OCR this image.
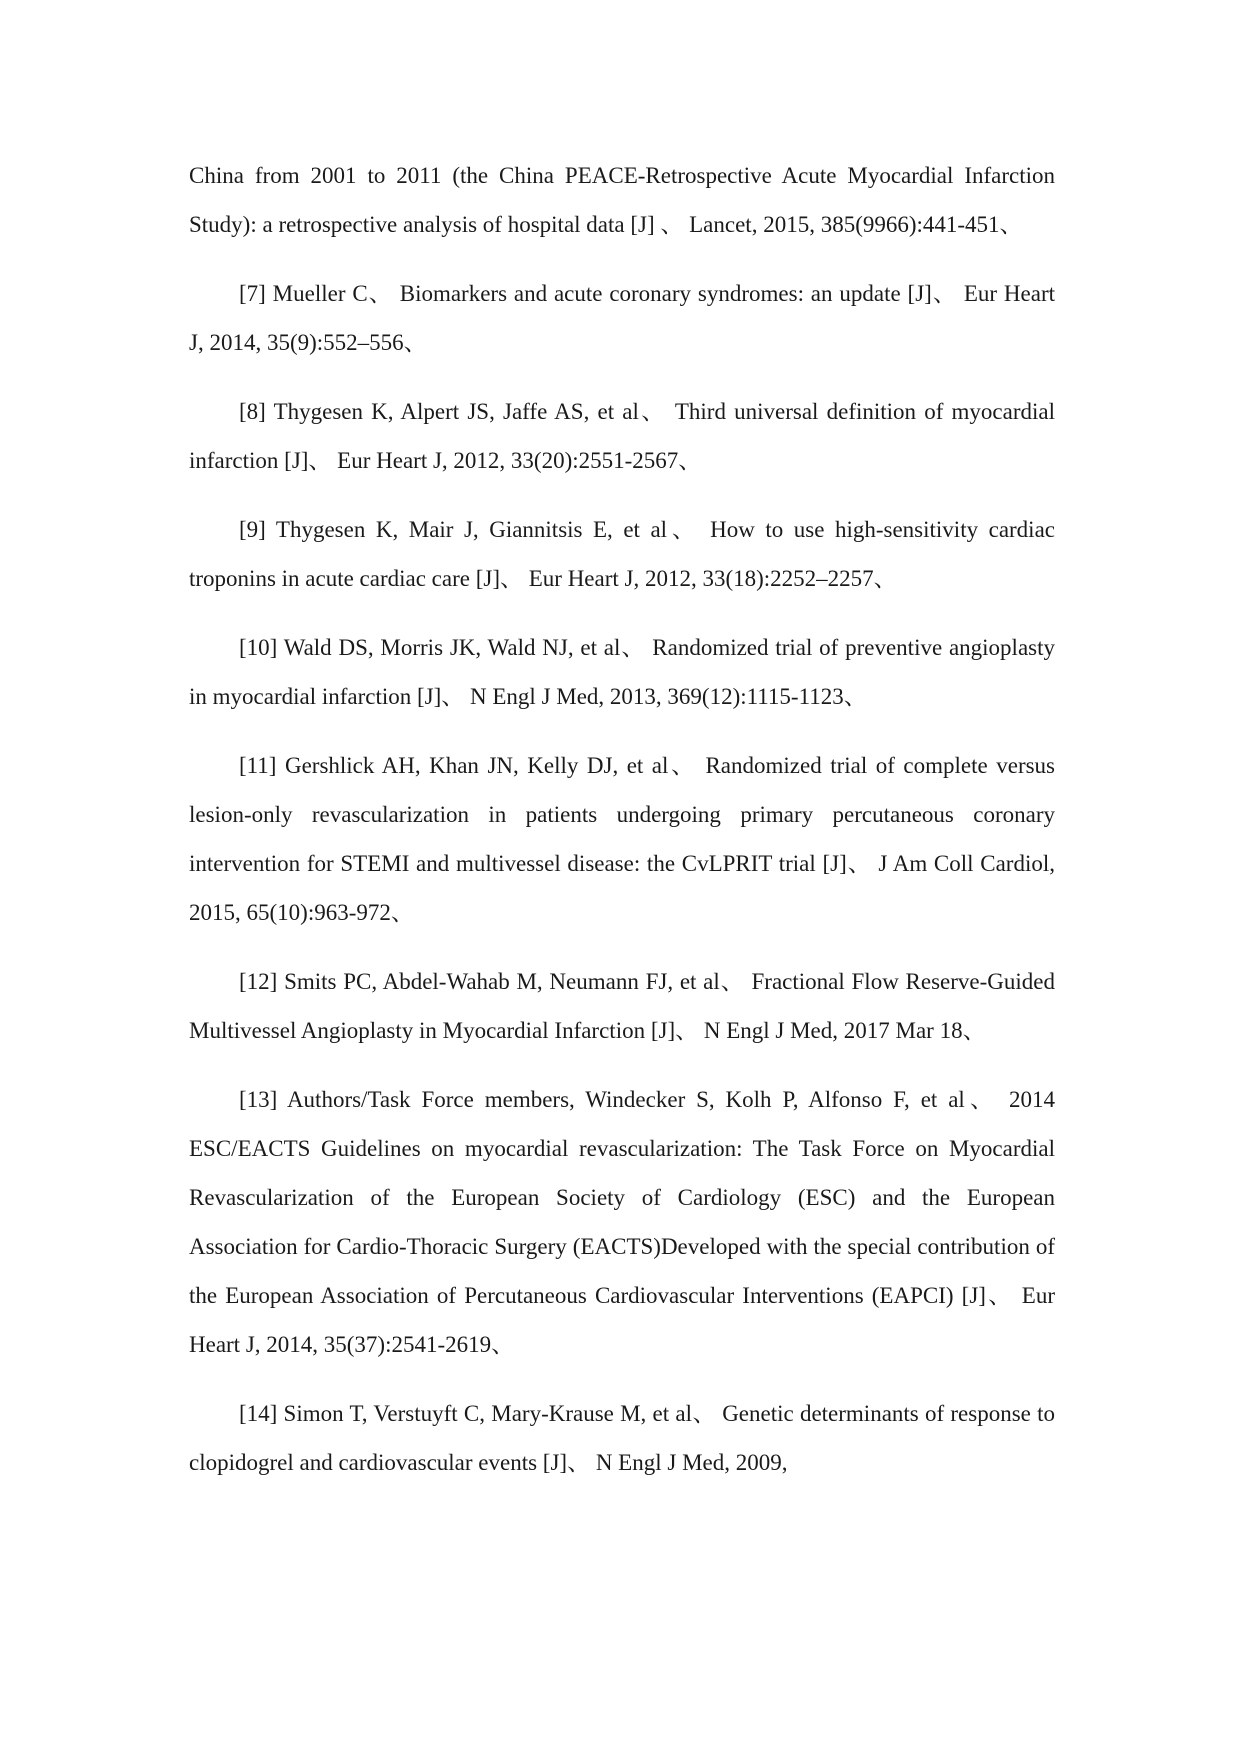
China from 2001 to 2011 (the China PEACE-Retrospective Acute Myocardial Infarction Study): a retrospective analysis of hospital data [J] 、 Lancet, 2015, 385(9966):441-451、

[7] Mueller C、 Biomarkers and acute coronary syndromes: an update [J]、 Eur Heart J, 2014, 35(9):552–556、

[8] Thygesen K, Alpert JS, Jaffe AS, et al、 Third universal definition of myocardial infarction [J]、 Eur Heart J, 2012, 33(20):2551-2567、

[9] Thygesen K, Mair J, Giannitsis E, et al、 How to use high-sensitivity cardiac troponins in acute cardiac care [J]、 Eur Heart J, 2012, 33(18):2252–2257、

[10] Wald DS, Morris JK, Wald NJ, et al、 Randomized trial of preventive angioplasty in myocardial infarction [J]、 N Engl J Med, 2013, 369(12):1115-1123、

[11] Gershlick AH, Khan JN, Kelly DJ, et al、 Randomized trial of complete versus lesion-only revascularization in patients undergoing primary percutaneous coronary intervention for STEMI and multivessel disease: the CvLPRIT trial [J]、 J Am Coll Cardiol, 2015, 65(10):963-972、

[12] Smits PC, Abdel-Wahab M, Neumann FJ, et al、 Fractional Flow Reserve-Guided Multivessel Angioplasty in Myocardial Infarction [J]、 N Engl J Med, 2017 Mar 18、

[13] Authors/Task Force members, Windecker S, Kolh P, Alfonso F, et al、 2014 ESC/EACTS Guidelines on myocardial revascularization: The Task Force on Myocardial Revascularization of the European Society of Cardiology (ESC) and the European Association for Cardio-Thoracic Surgery (EACTS)Developed with the special contribution of the European Association of Percutaneous Cardiovascular Interventions (EAPCI) [J]、 Eur Heart J, 2014, 35(37):2541-2619、

[14] Simon T, Verstuyft C, Mary-Krause M, et al、 Genetic determinants of response to clopidogrel and cardiovascular events [J]、 N Engl J Med, 2009,
